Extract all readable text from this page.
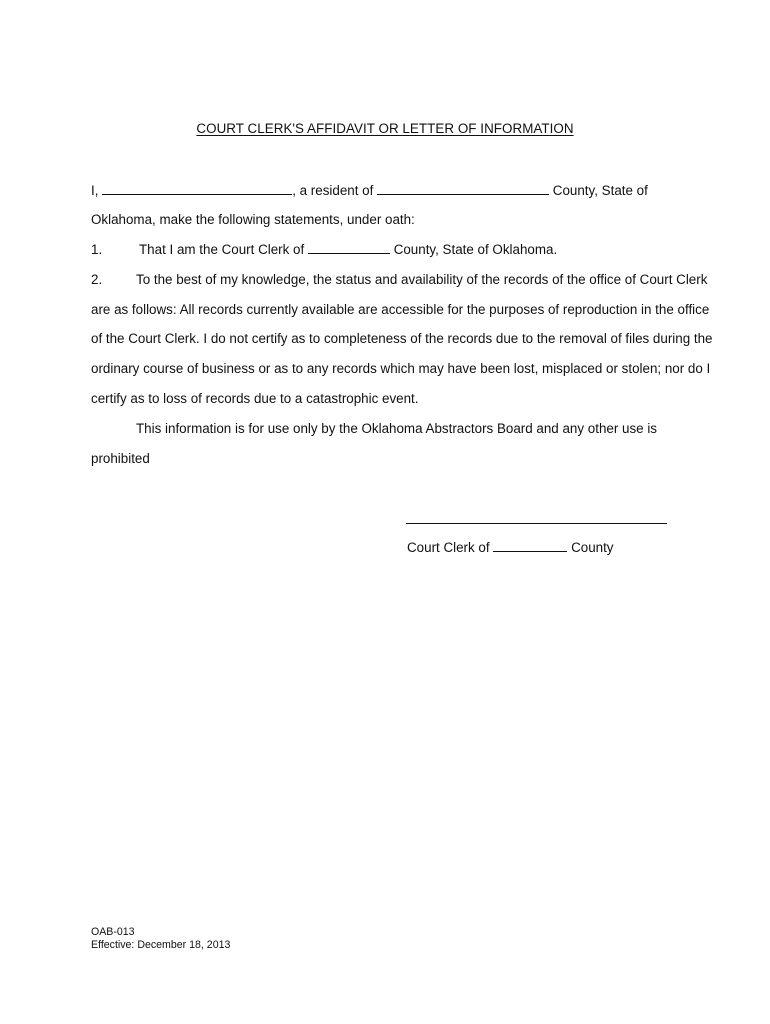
COURT CLERK'S AFFIDAVIT OR LETTER OF INFORMATION
I,	, a resident of	County, State of
Oklahoma, make the following statements, under oath:
1.	That I am the Court Clerk of	County, State of Oklahoma.
2.	To the best of my knowledge, the status and availability of the records of the office of Court Clerk
are as follows: All records currently available are accessible for the purposes of reproduction in the office
of the Court Clerk. I do not certify as to completeness of the records due to the removal of files during the
ordinary course of business or as to any records which may have been lost, misplaced or stolen; nor do I
certify as to loss of records due to a catastrophic event.
This information is for use only by the Oklahoma Abstractors Board and any other use is
prohibited
Court Clerk of	County
OAB-013
Effective: December 18, 2013
